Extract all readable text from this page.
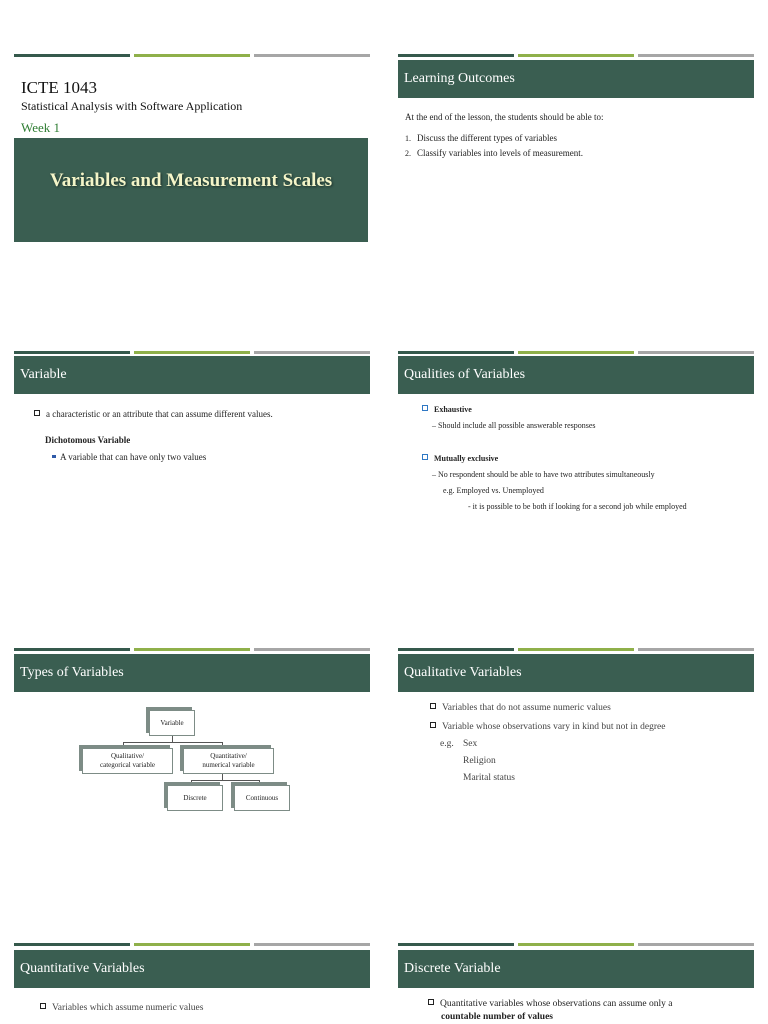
ICTE 1043
Statistical Analysis with Software Application
Week 1
Variables and Measurement Scales
Learning Outcomes
At the end of the lesson, the students should be able to:
1. Discuss the different types of variables
2. Classify variables into levels of measurement.
Variable
a characteristic or an attribute that can assume different values.
Dichotomous Variable
A variable that can have only two values
Qualities of Variables
Exhaustive
– Should include all possible answerable responses
Mutually exclusive
– No respondent should be able to have two attributes simultaneously
e.g. Employed vs. Unemployed
- it is possible to be both if looking for a second job while employed
Types of Variables
Variable
Qualitative/
categorical variable
Quantitative/
numerical variable
Discrete	Continuous
Qualitative Variables
Variables that do not assume numeric values
Variable whose observations vary in kind but not in degree
e.g. Sex
Religion
Marital status
Quantitative Variables
Variables which assume numeric values
Discrete Variable
Quantitative variables whose observations can assume only a
countable number of values
